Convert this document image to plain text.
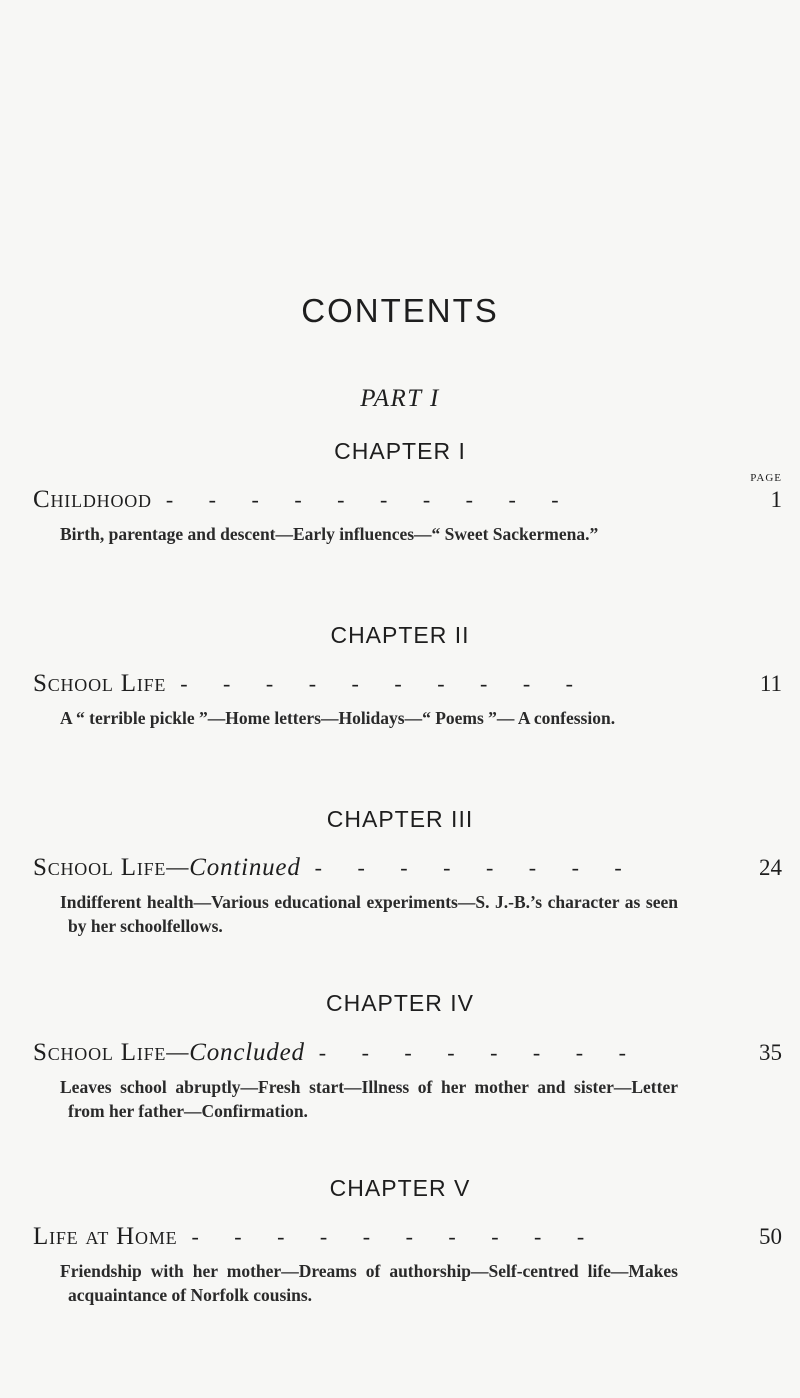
CONTENTS
PART I
PAGE
CHAPTER I
Childhood - - - - - - - - - -	1
Birth, parentage and descent—Early influences—“ Sweet Sackermena.”
CHAPTER II
School Life - - - - - - - - - -	11
A “ terrible pickle ”—Home letters—Holidays—“ Poems ”— A confession.
CHAPTER III
School Life—Continued - - - - - - - -	24
Indifferent health—Various educational experiments—S. J.-B.’s character as seen by her schoolfellows.
CHAPTER IV
School Life—Concluded - - - - - - - -	35
Leaves school abruptly—Fresh start—Illness of her mother and sister—Letter from her father—Confirmation.
CHAPTER V
Life at Home - - - - - - - - - -	50
Friendship with her mother—Dreams of authorship—Self-centred life—Makes acquaintance of Norfolk cousins.
